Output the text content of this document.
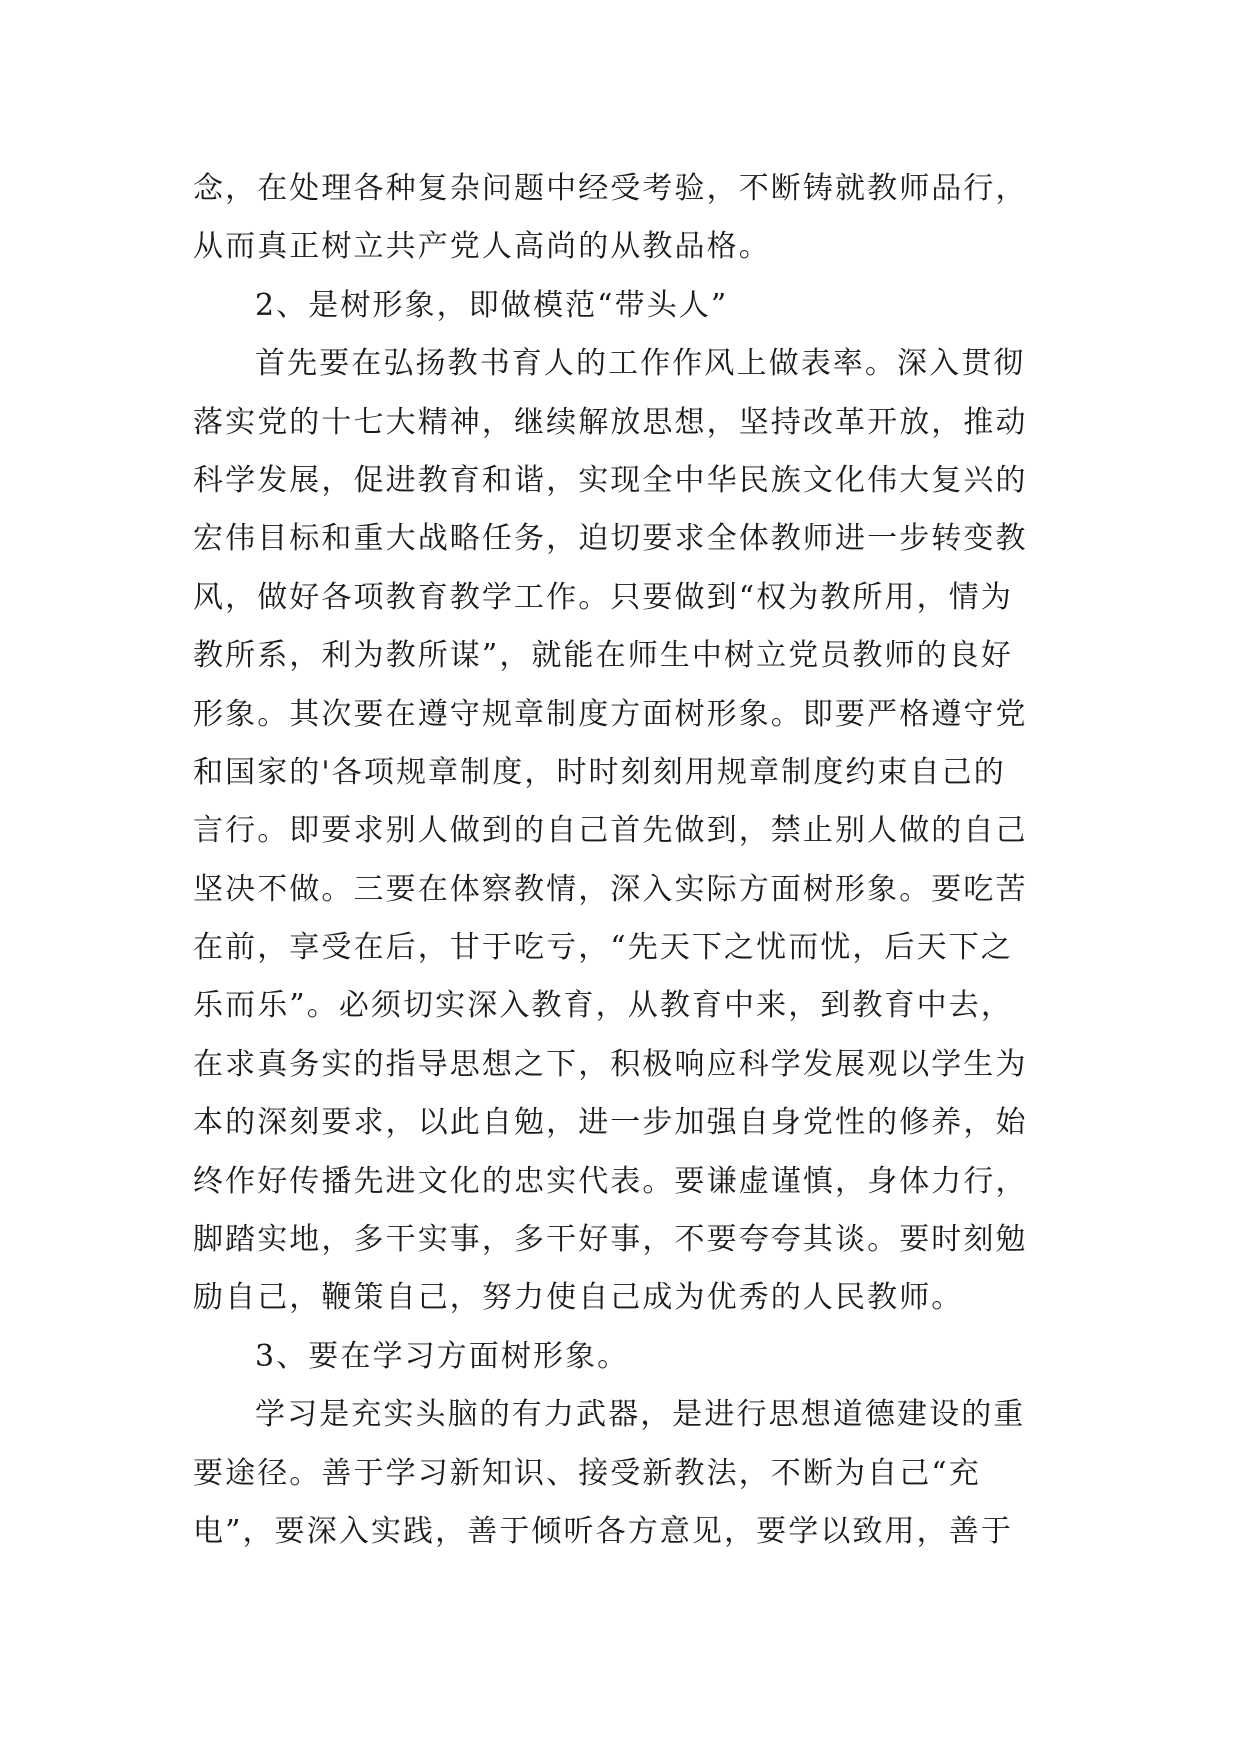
念，在处理各种复杂问题中经受考验，不断铸就教师品行，
从而真正树立共产党人高尚的从教品格。
2、是树形象，即做模范“带头人”
首先要在弘扬教书育人的工作作风上做表率。深入贯彻
落实党的十七大精神，继续解放思想，坚持改革开放，推动
科学发展，促进教育和谐，实现全中华民族文化伟大复兴的
宏伟目标和重大战略任务，迫切要求全体教师进一步转变教
风，做好各项教育教学工作。只要做到“权为教所用，情为
教所系，利为教所谋”，就能在师生中树立党员教师的良好
形象。其次要在遵守规章制度方面树形象。即要严格遵守党
和国家的'各项规章制度，时时刻刻用规章制度约束自己的
言行。即要求别人做到的自己首先做到，禁止别人做的自己
坚决不做。三要在体察教情，深入实际方面树形象。要吃苦
在前，享受在后，甘于吃亏，“先天下之忧而忧，后天下之
乐而乐”。必须切实深入教育，从教育中来，到教育中去，
在求真务实的指导思想之下，积极响应科学发展观以学生为
本的深刻要求，以此自勉，进一步加强自身党性的修养，始
终作好传播先进文化的忠实代表。要谦虚谨慎，身体力行，
脚踏实地，多干实事，多干好事，不要夸夸其谈。要时刻勉
励自己，鞭策自己，努力使自己成为优秀的人民教师。
3、要在学习方面树形象。
学习是充实头脑的有力武器，是进行思想道德建设的重
要途径。善于学习新知识、接受新教法，不断为自己“充
电”，要深入实践，善于倾听各方意见，要学以致用，善于
